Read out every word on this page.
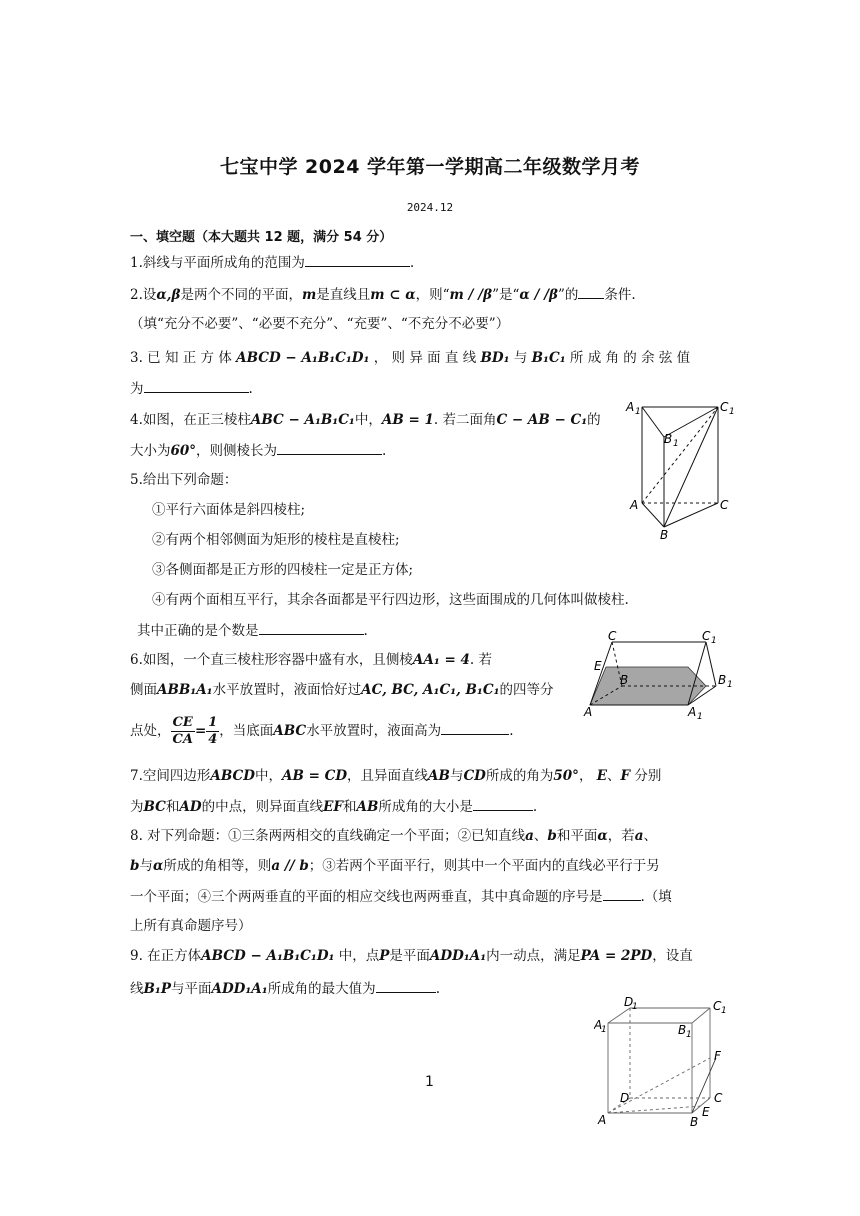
七宝中学 2024 学年第一学期高二年级数学月考
2024.12
一、填空题（本大题共 12 题，满分 54 分）
1.斜线与平面所成角的范围为	.
2.设α,β是两个不同的平面，m是直线且m ⊂ α，则“m / /β”是“α / /β”的 条件.
（填“充分不必要”、“必要不充分”、“充要”、“不充分不必要”）
3. 已 知 正 方 体 ABCD − A₁B₁C₁D₁ ， 则 异 面 直 线 BD₁ 与 B₁C₁ 所 成 角 的 余 弦 值
为	.
4.如图，在正三棱柱ABC − A₁B₁C₁中，AB = 1. 若二面角C − AB − C₁的
大小为60°，则侧棱长为	.
5.给出下列命题：
①平行六面体是斜四棱柱;
②有两个相邻侧面为矩形的棱柱是直棱柱;
③各侧面都是正方形的四棱柱一定是正方体;
④有两个面相互平行，其余各面都是平行四边形，这些面围成的几何体叫做棱柱.
其中正确的是个数是	.
6.如图，一个直三棱柱形容器中盛有水，且侧棱AA₁ = 4. 若
侧面ABB₁A₁水平放置时，液面恰好过AC, BC, A₁C₁, B₁C₁的四等分
点处， $\frac{CE}{CA} = \frac{1}{4}$ ，当底面ABC水平放置时，液面高为	.
7.空间四边形ABCD中，AB = CD，且异面直线AB与CD所成的角为50°， E、F 分别
为BC和AD的中点，则异面直线EF和AB所成角的大小是	.
8. 对下列命题：①三条两两相交的直线确定一个平面；②已知直线a、b和平面α，若a、
b与α所成的角相等，则a // b；③若两个平面平行，则其中一个平面内的直线必平行于另
一个平面；④三个两两垂直的平面的相应交线也两两垂直，其中真命题的序号是	.（填
上所有真命题序号）
9. 在正方体ABCD − A₁B₁C₁D₁ 中，点P是平面ADD₁A₁内一动点，满足PA = 2PD，设直
线B₁P与平面ADD₁A₁所成角的最大值为	.
1
A 1	C 1
B 1
A	C
B
C	C 1
E
B	B 1
A	A 1
D
1	C 1
A
1	B 1
F
D	C
A	B
E
